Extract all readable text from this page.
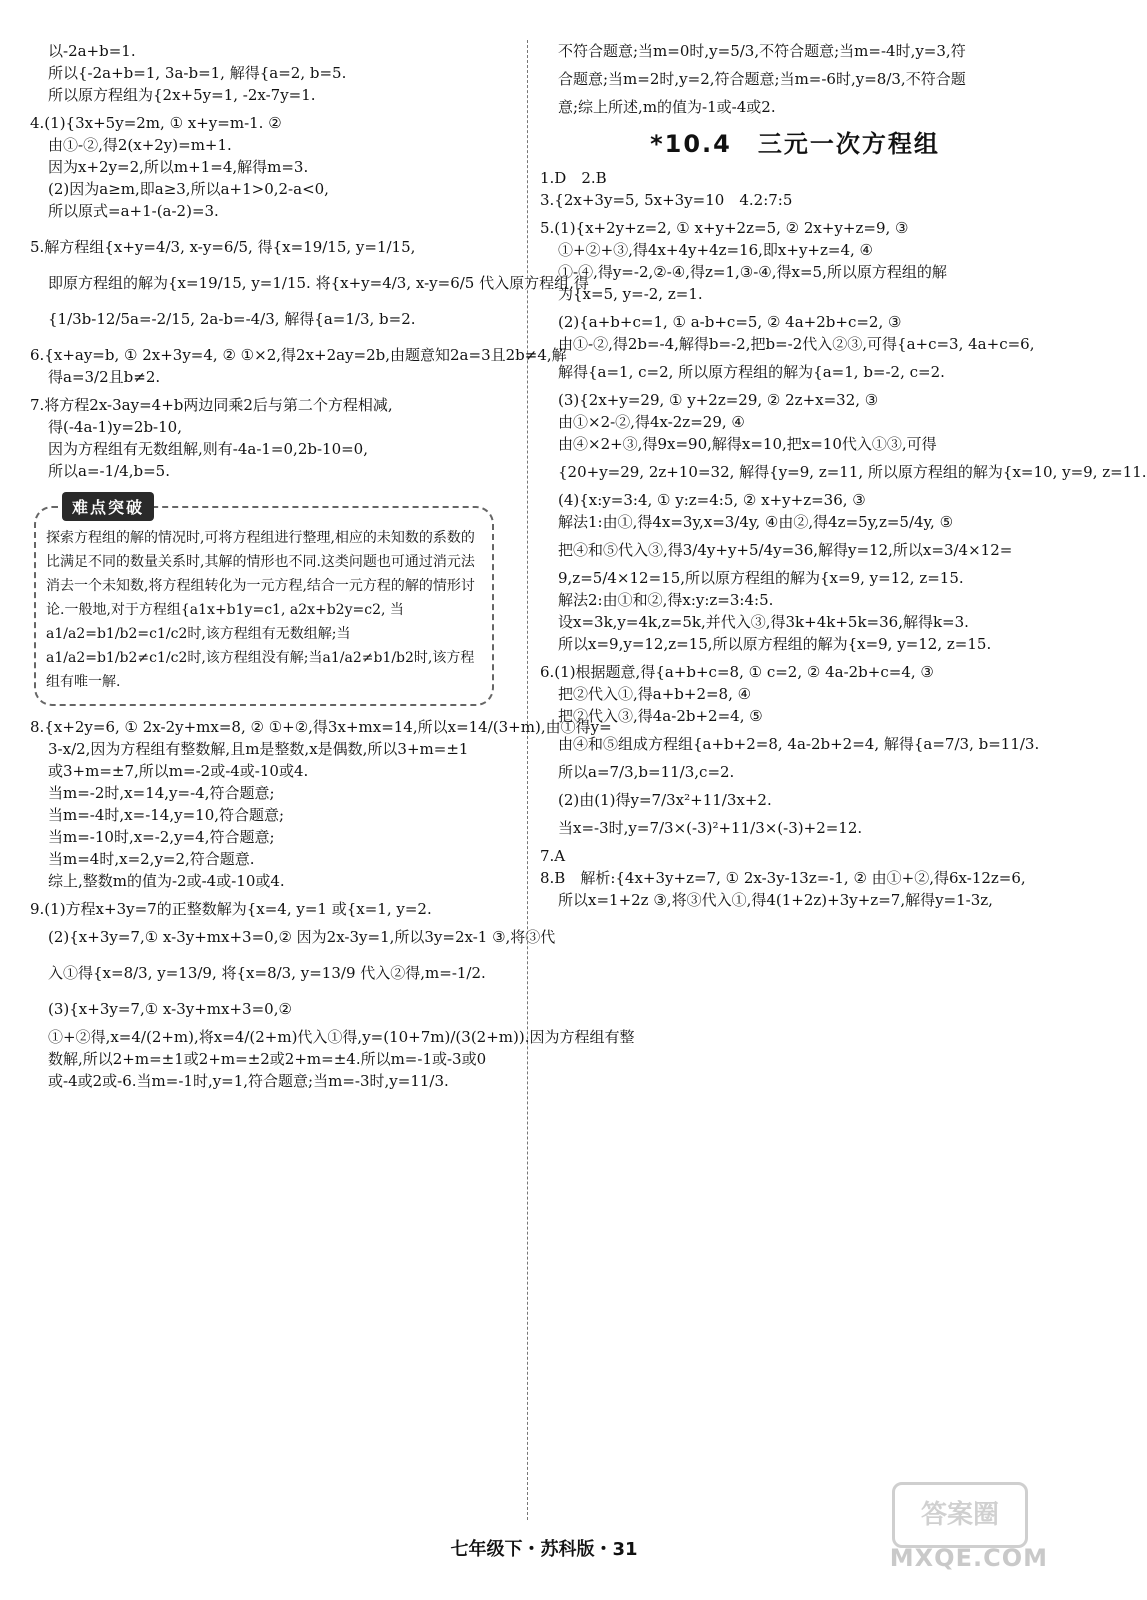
以-2a+b=1.
所以{-2a+b=1, 3a-b=1, 解得{a=2, b=5.
所以原方程组为{2x+5y=1, -2x-7y=1.
4.(1){3x+5y=2m, ① x+y=m-1. ②
由①-②,得2(x+2y)=m+1.
因为x+2y=2,所以m+1=4,解得m=3.
(2)因为a≥m,即a≥3,所以a+1>0,2-a<0,
所以原式=a+1-(a-2)=3.
5.解方程组{x+y=4/3, x-y=6/5, 得{x=19/15, y=1/15,
即原方程组的解为{x=19/15, y=1/15. 将{x+y=4/3, x-y=6/5 代入原方程组,得
{1/3b-12/5a=-2/15, 2a-b=-4/3, 解得{a=1/3, b=2.
6.{x+ay=b, ① 2x+3y=4, ② ①×2,得2x+2ay=2b,由题意知2a=3且2b≠4,解
得a=3/2且b≠2.
7.将方程2x-3ay=4+b两边同乘2后与第二个方程相减,
得(-4a-1)y=2b-10,
因为方程组有无数组解,则有-4a-1=0,2b-10=0,
所以a=-1/4,b=5.
难点突破
探索方程组的解的情况时,可将方程组进行整理,相应的未知数的系数的比满足不同的数量关系时,其解的情形也不同.这类问题也可通过消元法消去一个未知数,将方程组转化为一元方程,结合一元方程的解的情形讨论.一般地,对于方程组{a1x+b1y=c1, a2x+b2y=c2, 当a1/a2=b1/b2=c1/c2时,该方程组有无数组解;当a1/a2=b1/b2≠c1/c2时,该方程组没有解;当a1/a2≠b1/b2时,该方程组有唯一解.
8.{x+2y=6, ① 2x-2y+mx=8, ② ①+②,得3x+mx=14,所以x=14/(3+m),由①得y=
3-x/2,因为方程组有整数解,且m是整数,x是偶数,所以3+m=±1
或3+m=±7,所以m=-2或-4或-10或4.
当m=-2时,x=14,y=-4,符合题意;
当m=-4时,x=-14,y=10,符合题意;
当m=-10时,x=-2,y=4,符合题意;
当m=4时,x=2,y=2,符合题意.
综上,整数m的值为-2或-4或-10或4.
9.(1)方程x+3y=7的正整数解为{x=4, y=1 或{x=1, y=2.
(2){x+3y=7,① x-3y+mx+3=0,② 因为2x-3y=1,所以3y=2x-1 ③,将③代
入①得{x=8/3, y=13/9, 将{x=8/3, y=13/9 代入②得,m=-1/2.
(3){x+3y=7,① x-3y+mx+3=0,②
①+②得,x=4/(2+m),将x=4/(2+m)代入①得,y=(10+7m)/(3(2+m)).因为方程组有整
数解,所以2+m=±1或2+m=±2或2+m=±4.所以m=-1或-3或0
或-4或2或-6.当m=-1时,y=1,符合题意;当m=-3时,y=11/3.
不符合题意;当m=0时,y=5/3,不符合题意;当m=-4时,y=3,符
合题意;当m=2时,y=2,符合题意;当m=-6时,y=8/3,不符合题
意;综上所述,m的值为-1或-4或2.
*10.4　三元一次方程组
1.D　2.B
3.{2x+3y=5, 5x+3y=10　4.2:7:5
5.(1){x+2y+z=2, ① x+y+2z=5, ② 2x+y+z=9, ③
①+②+③,得4x+4y+4z=16,即x+y+z=4, ④
①-④,得y=-2,②-④,得z=1,③-④,得x=5,所以原方程组的解
为{x=5, y=-2, z=1.
(2){a+b+c=1, ① a-b+c=5, ② 4a+2b+c=2, ③
由①-②,得2b=-4,解得b=-2,把b=-2代入②③,可得{a+c=3, 4a+c=6,
解得{a=1, c=2, 所以原方程组的解为{a=1, b=-2, c=2.
(3){2x+y=29, ① y+2z=29, ② 2z+x=32, ③
由①×2-②,得4x-2z=29, ④
由④×2+③,得9x=90,解得x=10,把x=10代入①③,可得
{20+y=29, 2z+10=32, 解得{y=9, z=11, 所以原方程组的解为{x=10, y=9, z=11.
(4){x:y=3:4, ① y:z=4:5, ② x+y+z=36, ③
解法1:由①,得4x=3y,x=3/4y, ④由②,得4z=5y,z=5/4y, ⑤
把④和⑤代入③,得3/4y+y+5/4y=36,解得y=12,所以x=3/4×12=
9,z=5/4×12=15,所以原方程组的解为{x=9, y=12, z=15.
解法2:由①和②,得x:y:z=3:4:5.
设x=3k,y=4k,z=5k,并代入③,得3k+4k+5k=36,解得k=3.
所以x=9,y=12,z=15,所以原方程组的解为{x=9, y=12, z=15.
6.(1)根据题意,得{a+b+c=8, ① c=2, ② 4a-2b+c=4, ③
把②代入①,得a+b+2=8, ④
把②代入③,得4a-2b+2=4, ⑤
由④和⑤组成方程组{a+b+2=8, 4a-2b+2=4, 解得{a=7/3, b=11/3.
所以a=7/3,b=11/3,c=2.
(2)由(1)得y=7/3x²+11/3x+2.
当x=-3时,y=7/3×(-3)²+11/3×(-3)+2=12.
7.A
8.B　解析:{4x+3y+z=7, ① 2x-3y-13z=-1, ② 由①+②,得6x-12z=6,
所以x=1+2z ③,将③代入①,得4(1+2z)+3y+z=7,解得y=1-3z,
七年级下・苏科版・31
答案圈
MXQE.COM
